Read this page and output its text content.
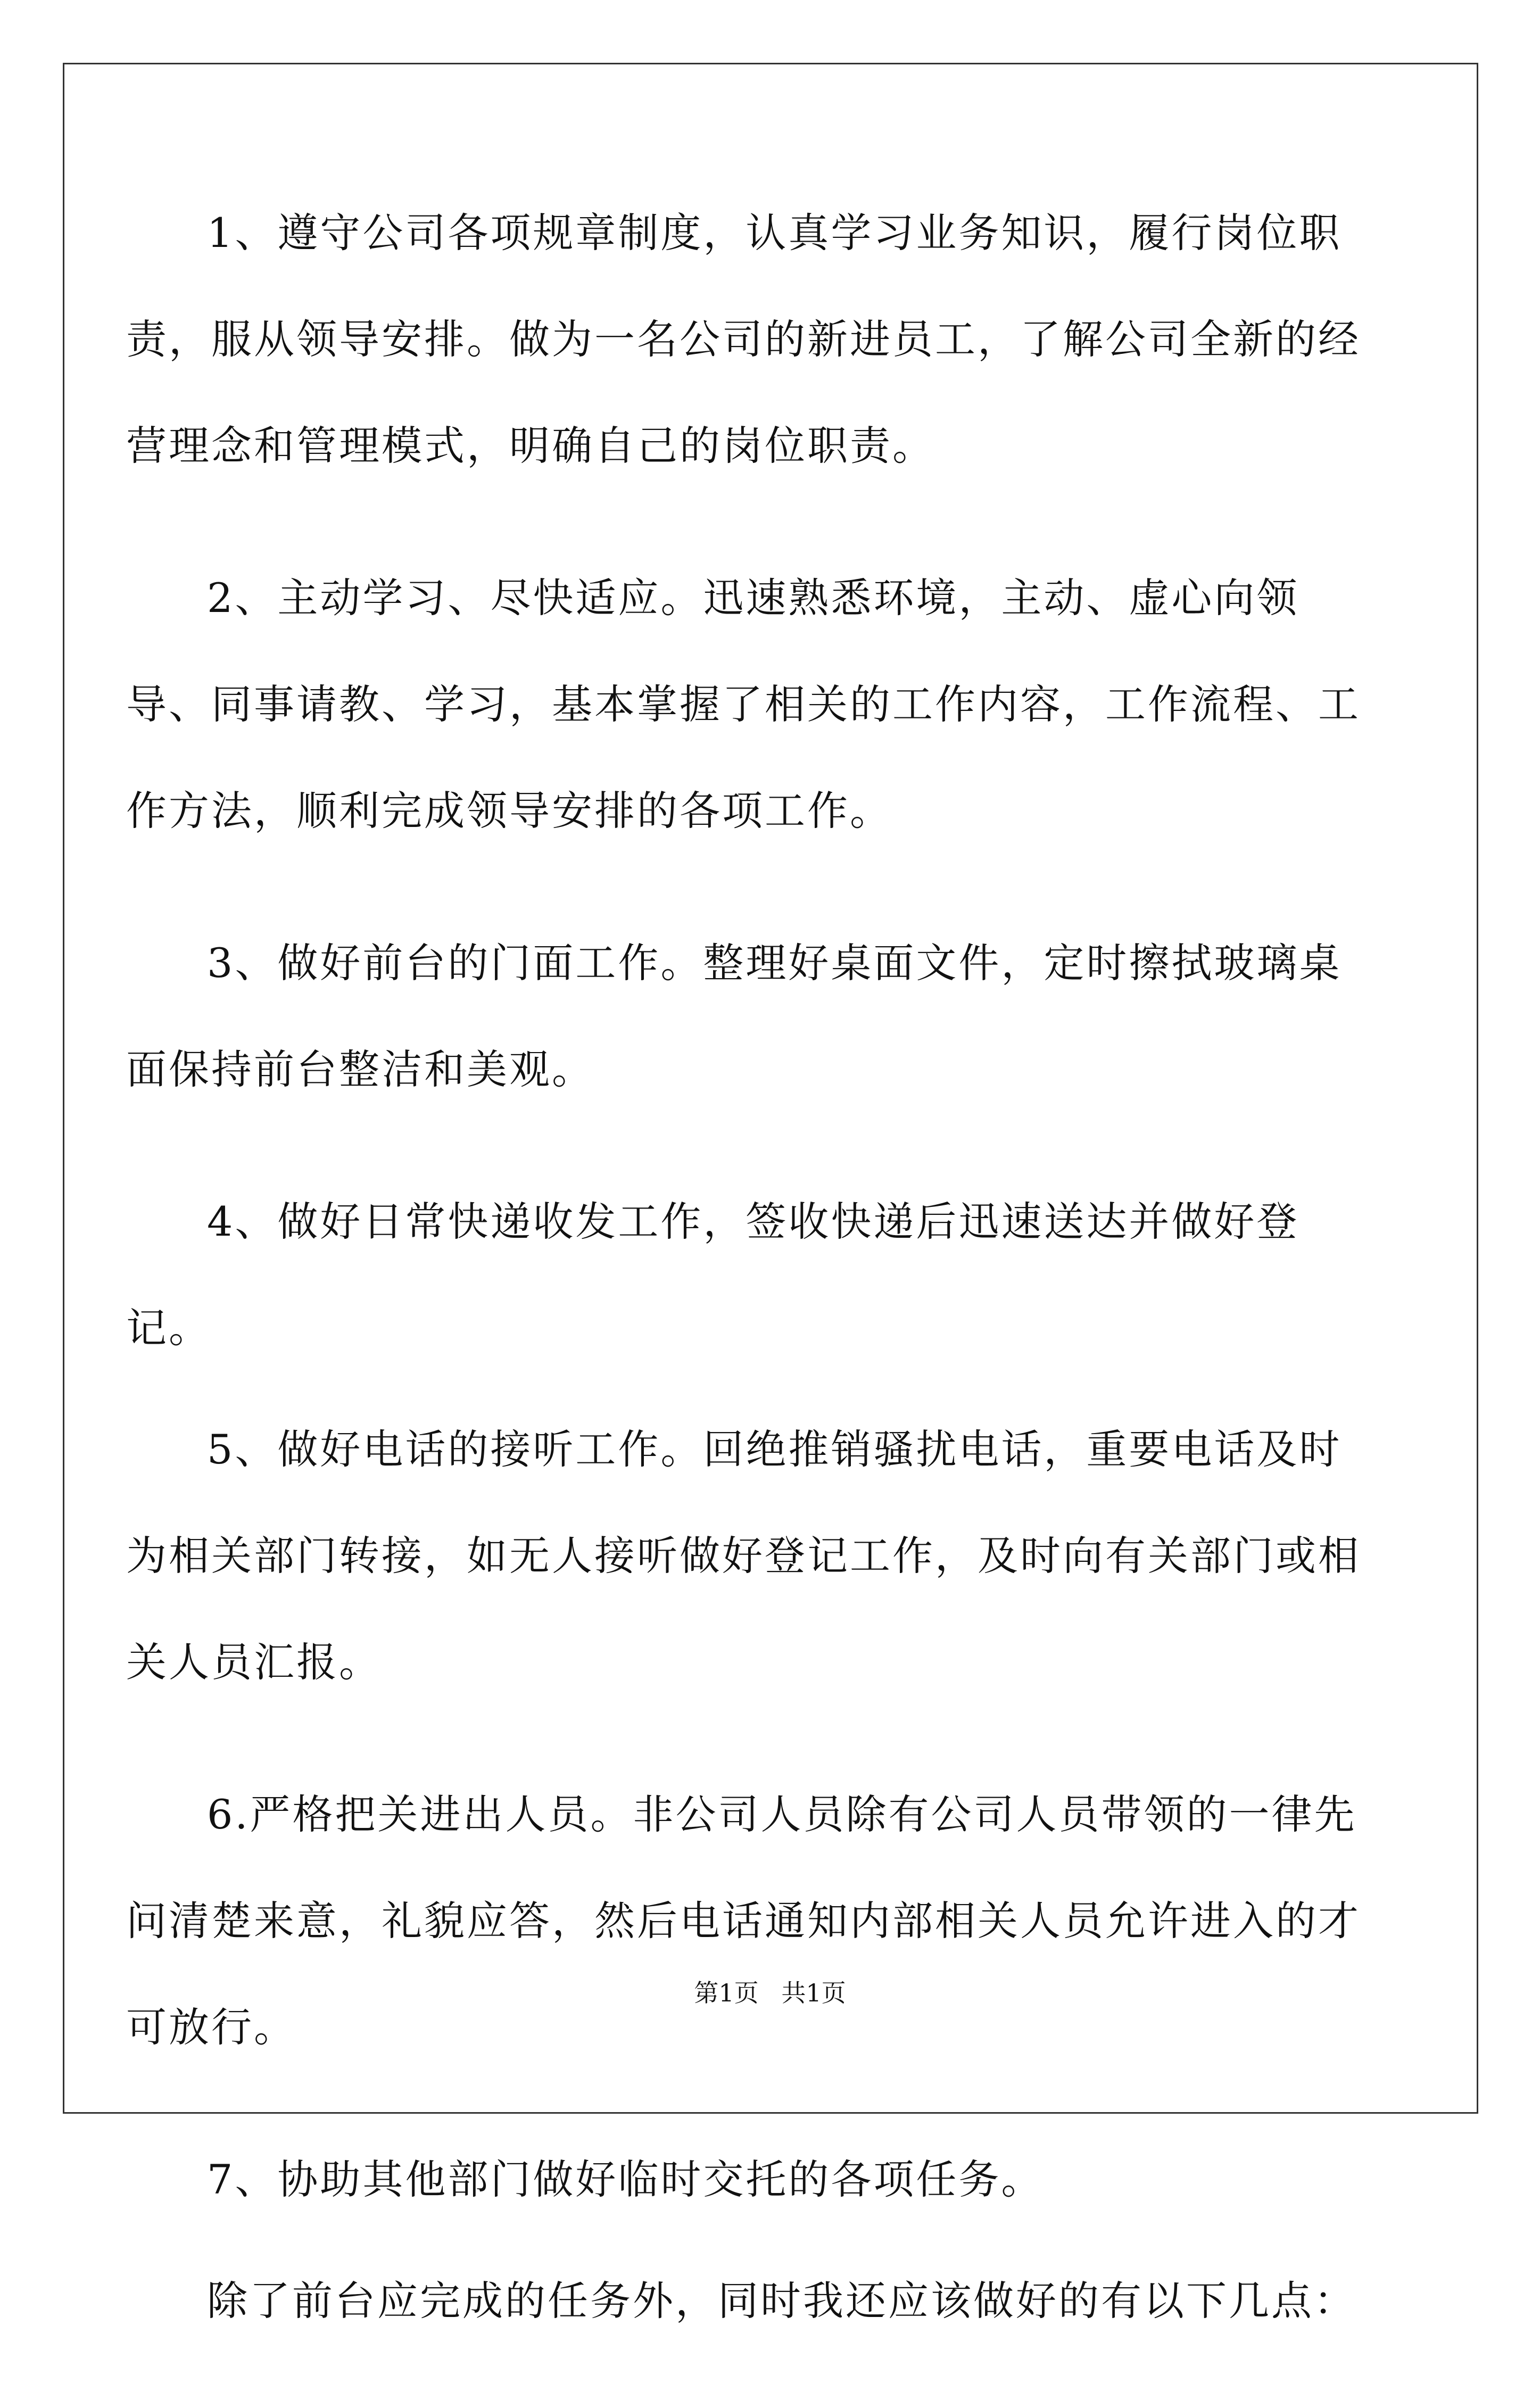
1、遵守公司各项规章制度，认真学习业务知识，履行岗位职责，服从领导安排。做为一名公司的新进员工，了解公司全新的经营理念和管理模式，明确自己的岗位职责。

2、主动学习、尽快适应。迅速熟悉环境，主动、虚心向领导、同事请教、学习，基本掌握了相关的工作内容，工作流程、工作方法，顺利完成领导安排的各项工作。

3、做好前台的门面工作。整理好桌面文件，定时擦拭玻璃桌面保持前台整洁和美观。

4、做好日常快递收发工作，签收快递后迅速送达并做好登记。

5、做好电话的接听工作。回绝推销骚扰电话，重要电话及时为相关部门转接，如无人接听做好登记工作，及时向有关部门或相关人员汇报。

6.严格把关进出人员。非公司人员除有公司人员带领的一律先问清楚来意，礼貌应答，然后电话通知内部相关人员允许进入的才可放行。

7、协助其他部门做好临时交托的各项任务。

除了前台应完成的任务外，同时我还应该做好的有以下几点：

第1页 共1页
